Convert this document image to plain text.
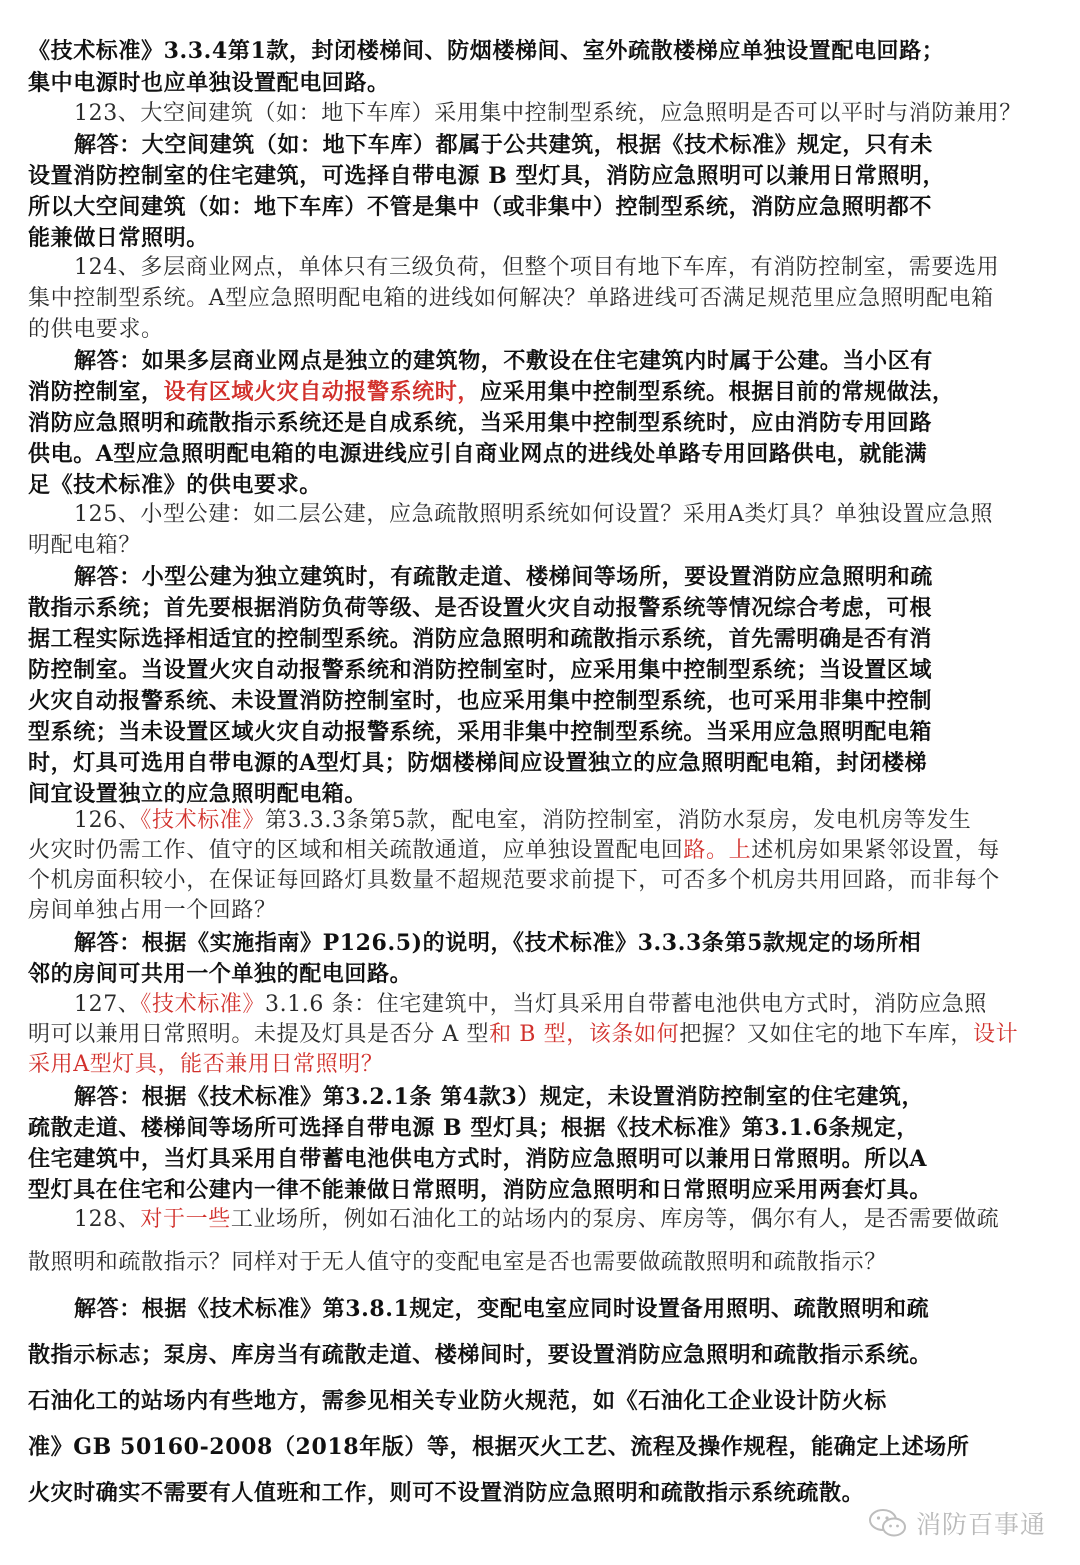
《技术标准》3.3.4第1款，封闭楼梯间、防烟楼梯间、室外疏散楼梯应单独设置配电回路；
集中电源时也应单独设置配电回路。
123、大空间建筑（如：地下车库）采用集中控制型系统，应急照明是否可以平时与消防兼用？
解答：大空间建筑（如：地下车库）都属于公共建筑，根据《技术标准》规定，只有未
设置消防控制室的住宅建筑，可选择自带电源 B 型灯具，消防应急照明可以兼用日常照明，
所以大空间建筑（如：地下车库）不管是集中（或非集中）控制型系统，消防应急照明都不
能兼做日常照明。
124、多层商业网点，单体只有三级负荷，但整个项目有地下车库，有消防控制室，需要选用
集中控制型系统。A型应急照明配电箱的进线如何解决？单路进线可否满足规范里应急照明配电箱
的供电要求。
解答：如果多层商业网点是独立的建筑物，不敷设在住宅建筑内时属于公建。当小区有
消防控制室，设有区域火灾自动报警系统时，应采用集中控制型系统。根据目前的常规做法，
消防应急照明和疏散指示系统还是自成系统，当采用集中控制型系统时，应由消防专用回路
供电。A型应急照明配电箱的电源进线应引自商业网点的进线处单路专用回路供电，就能满
足《技术标准》的供电要求。
125、小型公建：如二层公建，应急疏散照明系统如何设置？采用A类灯具？单独设置应急照
明配电箱？
解答：小型公建为独立建筑时，有疏散走道、楼梯间等场所，要设置消防应急照明和疏
散指示系统；首先要根据消防负荷等级、是否设置火灾自动报警系统等情况综合考虑，可根
据工程实际选择相适宜的控制型系统。消防应急照明和疏散指示系统，首先需明确是否有消
防控制室。当设置火灾自动报警系统和消防控制室时，应采用集中控制型系统；当设置区域
火灾自动报警系统、未设置消防控制室时，也应采用集中控制型系统，也可采用非集中控制
型系统；当未设置区域火灾自动报警系统，采用非集中控制型系统。当采用应急照明配电箱
时，灯具可选用自带电源的A型灯具；防烟楼梯间应设置独立的应急照明配电箱，封闭楼梯
间宜设置独立的应急照明配电箱。
126、《技术标准》第3.3.3条第5款，配电室，消防控制室，消防水泵房，发电机房等发生
火灾时仍需工作、值守的区域和相关疏散通道，应单独设置配电回路。上述机房如果紧邻设置，每
个机房面积较小，在保证每回路灯具数量不超规范要求前提下，可否多个机房共用回路，而非每个
房间单独占用一个回路？
解答：根据《实施指南》P126.5)的说明，《技术标准》3.3.3条第5款规定的场所相
邻的房间可共用一个单独的配电回路。
127、《技术标准》3.1.6 条：住宅建筑中，当灯具采用自带蓄电池供电方式时，消防应急照
明可以兼用日常照明。未提及灯具是否分 A 型和 B 型，该条如何把握？又如住宅的地下车库，设计
采用A型灯具，能否兼用日常照明？
解答：根据《技术标准》第3.2.1条 第4款3）规定，未设置消防控制室的住宅建筑，
疏散走道、楼梯间等场所可选择自带电源 B 型灯具；根据《技术标准》第3.1.6条规定，
住宅建筑中，当灯具采用自带蓄电池供电方式时，消防应急照明可以兼用日常照明。所以A
型灯具在住宅和公建内一律不能兼做日常照明，消防应急照明和日常照明应采用两套灯具。
128、对于一些工业场所，例如石油化工的站场内的泵房、库房等，偶尔有人，是否需要做疏
散照明和疏散指示？同样对于无人值守的变配电室是否也需要做疏散照明和疏散指示？
解答：根据《技术标准》第3.8.1规定，变配电室应同时设置备用照明、疏散照明和疏
散指示标志；泵房、库房当有疏散走道、楼梯间时，要设置消防应急照明和疏散指示系统。
石油化工的站场内有些地方，需参见相关专业防火规范，如《石油化工企业设计防火标
准》GB 50160-2008（2018年版）等，根据灭火工艺、流程及操作规程，能确定上述场所
火灾时确实不需要有人值班和工作，则可不设置消防应急照明和疏散指示系统疏散。
消防百事通
